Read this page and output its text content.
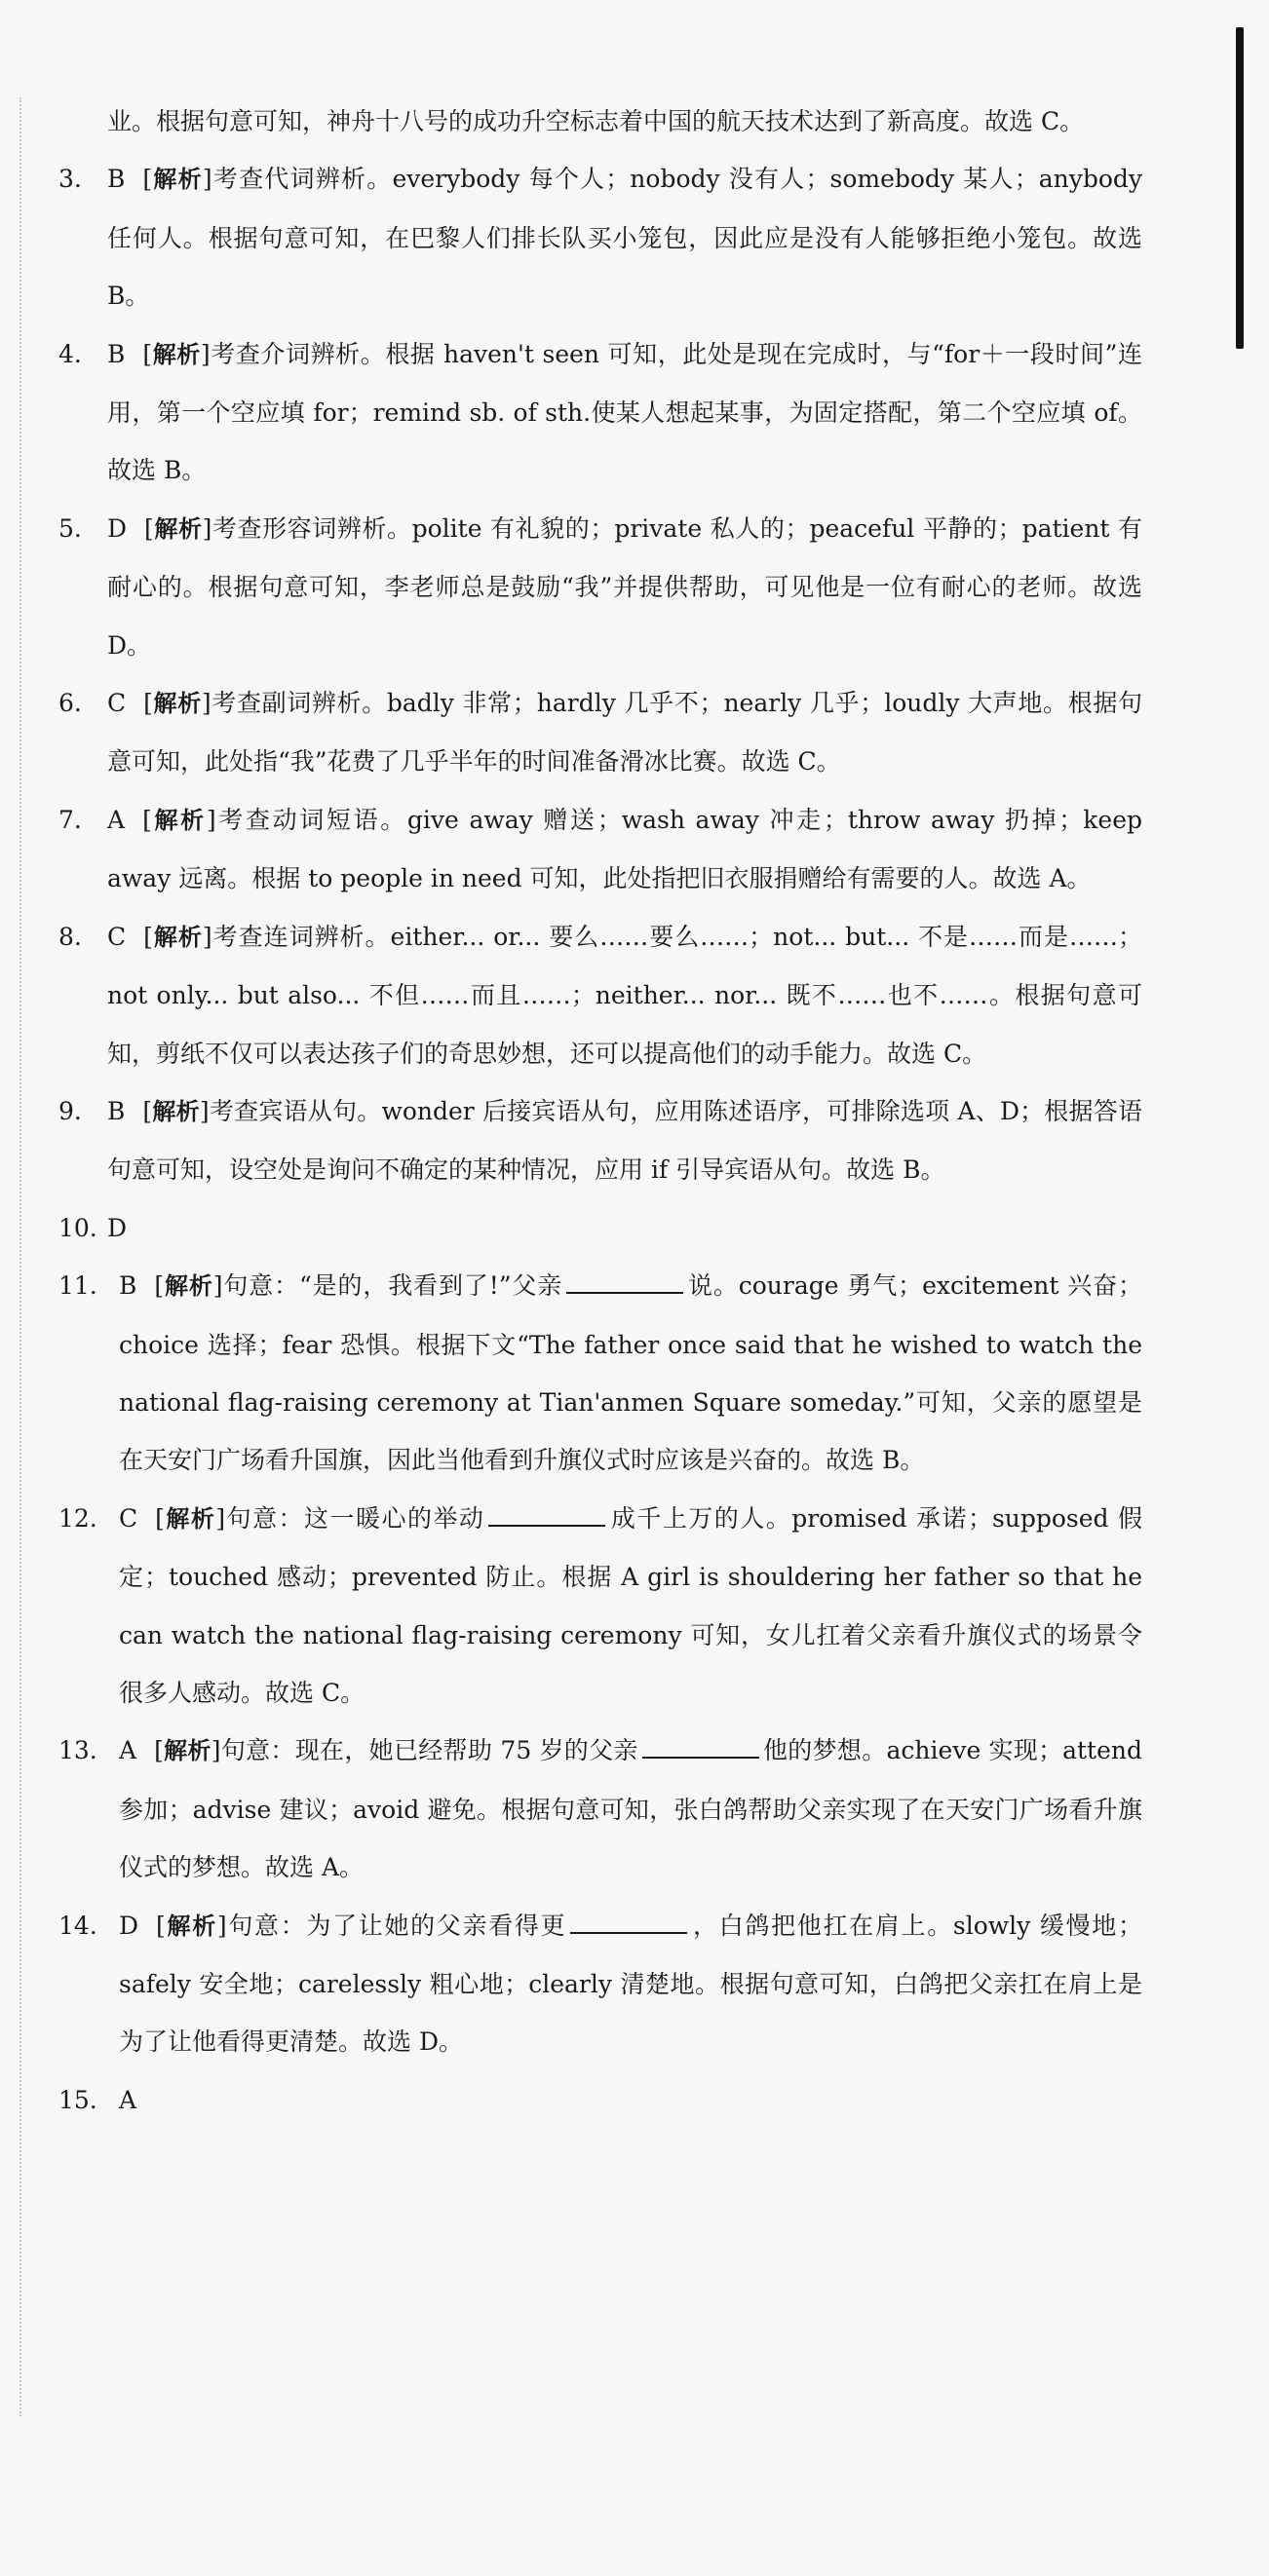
业。根据句意可知，神舟十八号的成功升空标志着中国的航天技术达到了新高度。故选 C。

3. B [解析]考查代词辨析。everybody 每个人；nobody 没有人；somebody 某人；anybody 任何人。根据句意可知，在巴黎人们排长队买小笼包，因此应是没有人能够拒绝小笼包。故选 B。

4. B [解析]考查介词辨析。根据 haven't seen 可知，此处是现在完成时，与“for＋一段时间”连用，第一个空应填 for；remind sb. of sth.使某人想起某事，为固定搭配，第二个空应填 of。故选 B。

5. D [解析]考查形容词辨析。polite 有礼貌的；private 私人的；peaceful 平静的；patient 有耐心的。根据句意可知，李老师总是鼓励“我”并提供帮助，可见他是一位有耐心的老师。故选 D。

6. C [解析]考查副词辨析。badly 非常；hardly 几乎不；nearly 几乎；loudly 大声地。根据句意可知，此处指“我”花费了几乎半年的时间准备滑冰比赛。故选 C。

7. A [解析]考查动词短语。give away 赠送；wash away 冲走；throw away 扔掉；keep away 远离。根据 to people in need 可知，此处指把旧衣服捐赠给有需要的人。故选 A。

8. C [解析]考查连词辨析。either... or... 要么……要么……；not... but... 不是……而是……；not only... but also... 不但……而且……；neither... nor... 既不……也不……。根据句意可知，剪纸不仅可以表达孩子们的奇思妙想，还可以提高他们的动手能力。故选 C。

9. B [解析]考查宾语从句。wonder 后接宾语从句，应用陈述语序，可排除选项 A、D；根据答语句意可知，设空处是询问不确定的某种情况，应用 if 引导宾语从句。故选 B。

10. D

11. B [解析]句意：“是的，我看到了!”父亲	说。courage 勇气；excitement 兴奋；choice 选择；fear 恐惧。根据下文“The father once said that he wished to watch the national flag-raising ceremony at Tian'anmen Square someday.”可知，父亲的愿望是在天安门广场看升国旗，因此当他看到升旗仪式时应该是兴奋的。故选 B。

12. C [解析]句意：这一暖心的举动	成千上万的人。promised 承诺；supposed 假定；touched 感动；prevented 防止。根据 A girl is shouldering her father so that he can watch the national flag-raising ceremony 可知，女儿扛着父亲看升旗仪式的场景令很多人感动。故选 C。

13. A [解析]句意：现在，她已经帮助 75 岁的父亲	他的梦想。achieve 实现；attend 参加；advise 建议；avoid 避免。根据句意可知，张白鸽帮助父亲实现了在天安门广场看升旗仪式的梦想。故选 A。

14. D [解析]句意：为了让她的父亲看得更	，白鸽把他扛在肩上。slowly 缓慢地；safely 安全地；carelessly 粗心地；clearly 清楚地。根据句意可知，白鸽把父亲扛在肩上是为了让他看得更清楚。故选 D。

15. A
